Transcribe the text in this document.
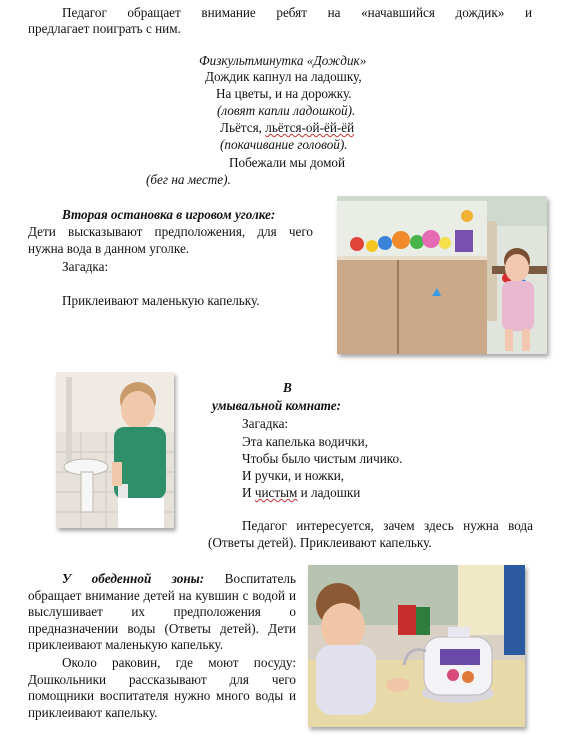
Педагог обращает внимание ребят на «начавшийся дождик» и
предлагает поиграть с ним.
Физкультминутка «Дождик»
Дождик капнул на ладошку,
На цветы, и на дорожку.
(ловят капли ладошкой).
Льётся, льётся-ой-ёй-ёй
(покачивание головой).
Побежали мы домой
(бег на месте).
Вторая остановка в игровом уголке:
Дети высказывают предположения, для чего нужна вода в данном уголке.
Загадка:
Приклеивают маленькую капельку.
В
умывальной комнате:
Загадка:
Эта капелька водички,
Чтобы было чистым личико.
И ручки, и ножки,
И чистым и ладошки
Педагог интересуется, зачем здесь нужна вода (Ответы детей). Приклеивают капельку.
У обеденной зоны: Воспитатель обращает внимание детей на кувшин с водой и выслушивает их предположения о предназначении воды (Ответы детей). Дети приклеивают маленькую капельку.
Около раковин, где моют посуду: Дошкольники рассказывают для чего помощники воспитателя нужно много воды и приклеивают капельку.
